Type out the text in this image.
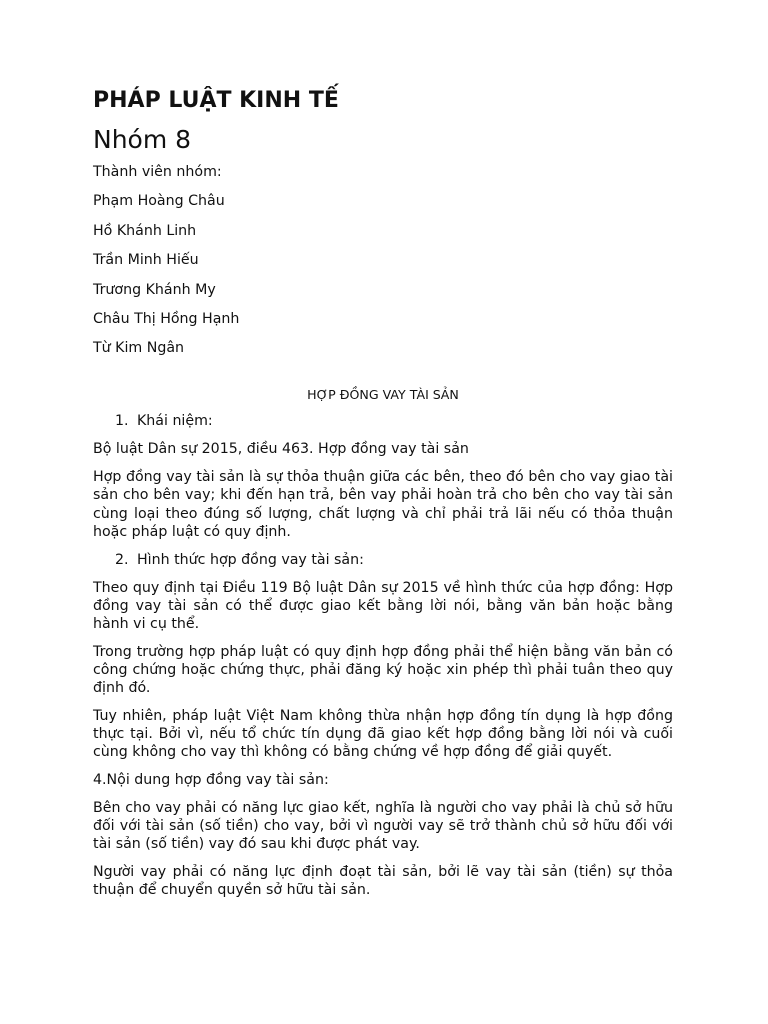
PHÁP LUẬT KINH TẾ
Nhóm 8

Thành viên nhóm:

Phạm Hoàng Châu

Hồ Khánh Linh

Trần Minh Hiếu

Trương Khánh My

Châu Thị Hồng Hạnh

Từ Kim Ngân

HỢP ĐỒNG VAY TÀI SẢN

1. Khái niệm:

Bộ luật Dân sự 2015, điều 463. Hợp đồng vay tài sản

Hợp đồng vay tài sản là sự thỏa thuận giữa các bên, theo đó bên cho vay giao tài sản cho bên vay; khi đến hạn trả, bên vay phải hoàn trả cho bên cho vay tài sản cùng loại theo đúng số lượng, chất lượng và chỉ phải trả lãi nếu có thỏa thuận hoặc pháp luật có quy định.

2. Hình thức hợp đồng vay tài sản:

Theo quy định tại Điều 119 Bộ luật Dân sự 2015 về hình thức của hợp đồng: Hợp đồng vay tài sản có thể được giao kết bằng lời nói, bằng văn bản hoặc bằng hành vi cụ thể.

Trong trường hợp pháp luật có quy định hợp đồng phải thể hiện bằng văn bản có công chứng hoặc chứng thực, phải đăng ký hoặc xin phép thì phải tuân theo quy định đó.

Tuy nhiên, pháp luật Việt Nam không thừa nhận hợp đồng tín dụng là hợp đồng thực tại. Bởi vì, nếu tổ chức tín dụng đã giao kết hợp đồng bằng lời nói và cuối cùng không cho vay thì không có bằng chứng về hợp đồng để giải quyết.

4.Nội dung hợp đồng vay tài sản:

Bên cho vay phải có năng lực giao kết, nghĩa là người cho vay phải là chủ sở hữu đối với tài sản (số tiền) cho vay, bởi vì người vay sẽ trở thành chủ sở hữu đối với tài sản (số tiền) vay đó sau khi được phát vay.

Người vay phải có năng lực định đoạt tài sản, bởi lẽ vay tài sản (tiền) sự thỏa thuận để chuyển quyền sở hữu tài sản.
